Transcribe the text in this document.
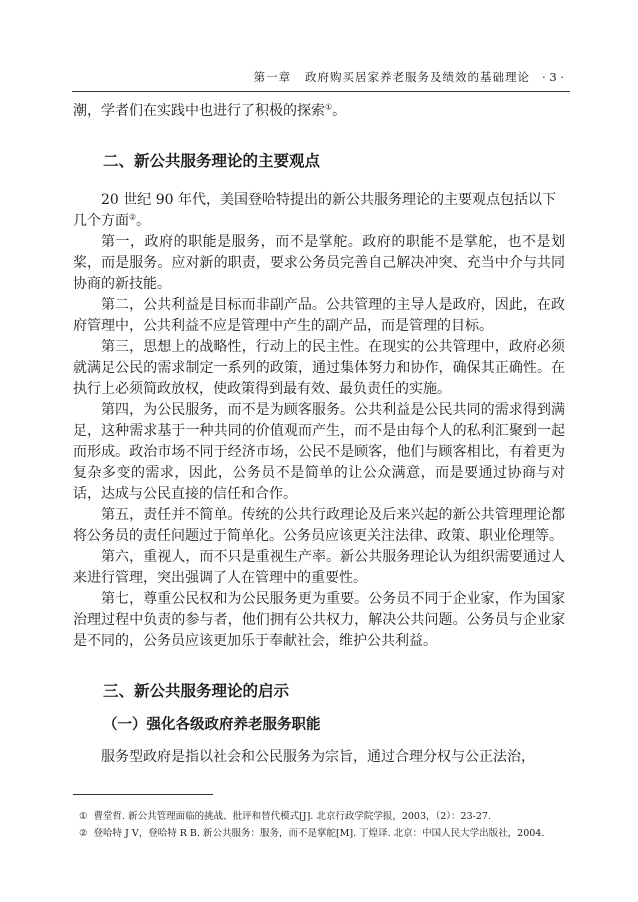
第一章 政府购买居家养老服务及绩效的基础理论 · 3 ·

潮，学者们在实践中也进行了积极的探索①。

二、新公共服务理论的主要观点

20 世纪 90 年代，美国登哈特提出的新公共服务理论的主要观点包括以下几个方面②。

第一，政府的职能是服务，而不是掌舵。政府的职能不是掌舵，也不是划桨，而是服务。应对新的职责，要求公务员完善自己解决冲突、充当中介与共同协商的新技能。

第二，公共利益是目标而非副产品。公共管理的主导人是政府，因此，在政府管理中，公共利益不应是管理中产生的副产品，而是管理的目标。

第三，思想上的战略性，行动上的民主性。在现实的公共管理中，政府必须就满足公民的需求制定一系列的政策，通过集体努力和协作，确保其正确性。在执行上必须简政放权，使政策得到最有效、最负责任的实施。

第四，为公民服务，而不是为顾客服务。公共利益是公民共同的需求得到满足，这种需求基于一种共同的价值观而产生，而不是由每个人的私利汇聚到一起而形成。政治市场不同于经济市场，公民不是顾客，他们与顾客相比，有着更为复杂多变的需求，因此，公务员不是简单的让公众满意，而是要通过协商与对话，达成与公民直接的信任和合作。

第五，责任并不简单。传统的公共行政理论及后来兴起的新公共管理理论都将公务员的责任问题过于简单化。公务员应该更关注法律、政策、职业伦理等。

第六，重视人，而不只是重视生产率。新公共服务理论认为组织需要通过人来进行管理，突出强调了人在管理中的重要性。

第七，尊重公民权和为公民服务更为重要。公务员不同于企业家，作为国家治理过程中负责的参与者，他们拥有公共权力，解决公共问题。公务员与企业家是不同的，公务员应该更加乐于奉献社会，维护公共利益。

三、新公共服务理论的启示
（一）强化各级政府养老服务职能

服务型政府是指以社会和公民服务为宗旨，通过合理分权与公正法治，

① 曹堂哲. 新公共管理面临的挑战、批评和替代模式[J]. 北京行政学院学报，2003，（2）：23-27.
② 登哈特 J V，登哈特 R B. 新公共服务：服务，而不是掌舵[M]. 丁煌译. 北京：中国人民大学出版社，2004.
